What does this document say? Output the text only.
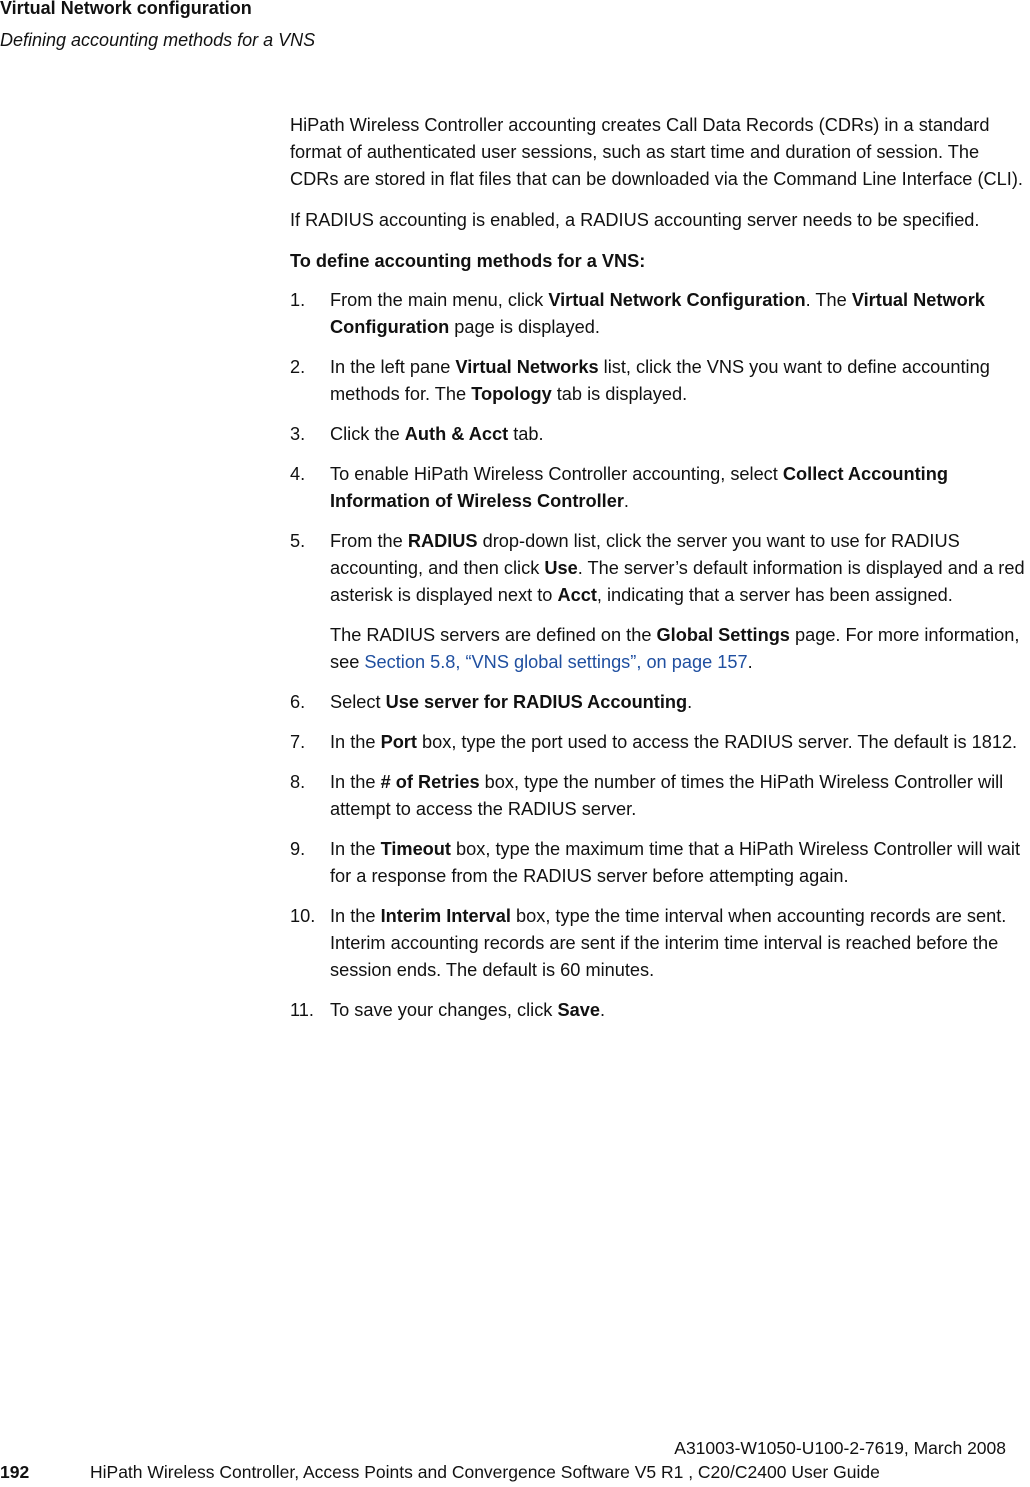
Virtual Network configuration
Defining accounting methods for a VNS

HiPath Wireless Controller accounting creates Call Data Records (CDRs) in a standard format of authenticated user sessions, such as start time and duration of session. The CDRs are stored in flat files that can be downloaded via the Command Line Interface (CLI).

If RADIUS accounting is enabled, a RADIUS accounting server needs to be specified.

To define accounting methods for a VNS:

1. From the main menu, click Virtual Network Configuration. The Virtual Network Configuration page is displayed.

2. In the left pane Virtual Networks list, click the VNS you want to define accounting methods for. The Topology tab is displayed.

3. Click the Auth & Acct tab.

4. To enable HiPath Wireless Controller accounting, select Collect Accounting Information of Wireless Controller.

5. From the RADIUS drop-down list, click the server you want to use for RADIUS accounting, and then click Use. The server’s default information is displayed and a red asterisk is displayed next to Acct, indicating that a server has been assigned.

The RADIUS servers are defined on the Global Settings page. For more information, see Section 5.8, “VNS global settings”, on page 157.

6. Select Use server for RADIUS Accounting.

7. In the Port box, type the port used to access the RADIUS server. The default is 1812.

8. In the # of Retries box, type the number of times the HiPath Wireless Controller will attempt to access the RADIUS server.

9. In the Timeout box, type the maximum time that a HiPath Wireless Controller will wait for a response from the RADIUS server before attempting again.

10. In the Interim Interval box, type the time interval when accounting records are sent. Interim accounting records are sent if the interim time interval is reached before the session ends. The default is 60 minutes.

11. To save your changes, click Save.

A31003-W1050-U100-2-7619, March 2008
192	HiPath Wireless Controller, Access Points and Convergence Software V5 R1 , C20/C2400 User Guide
